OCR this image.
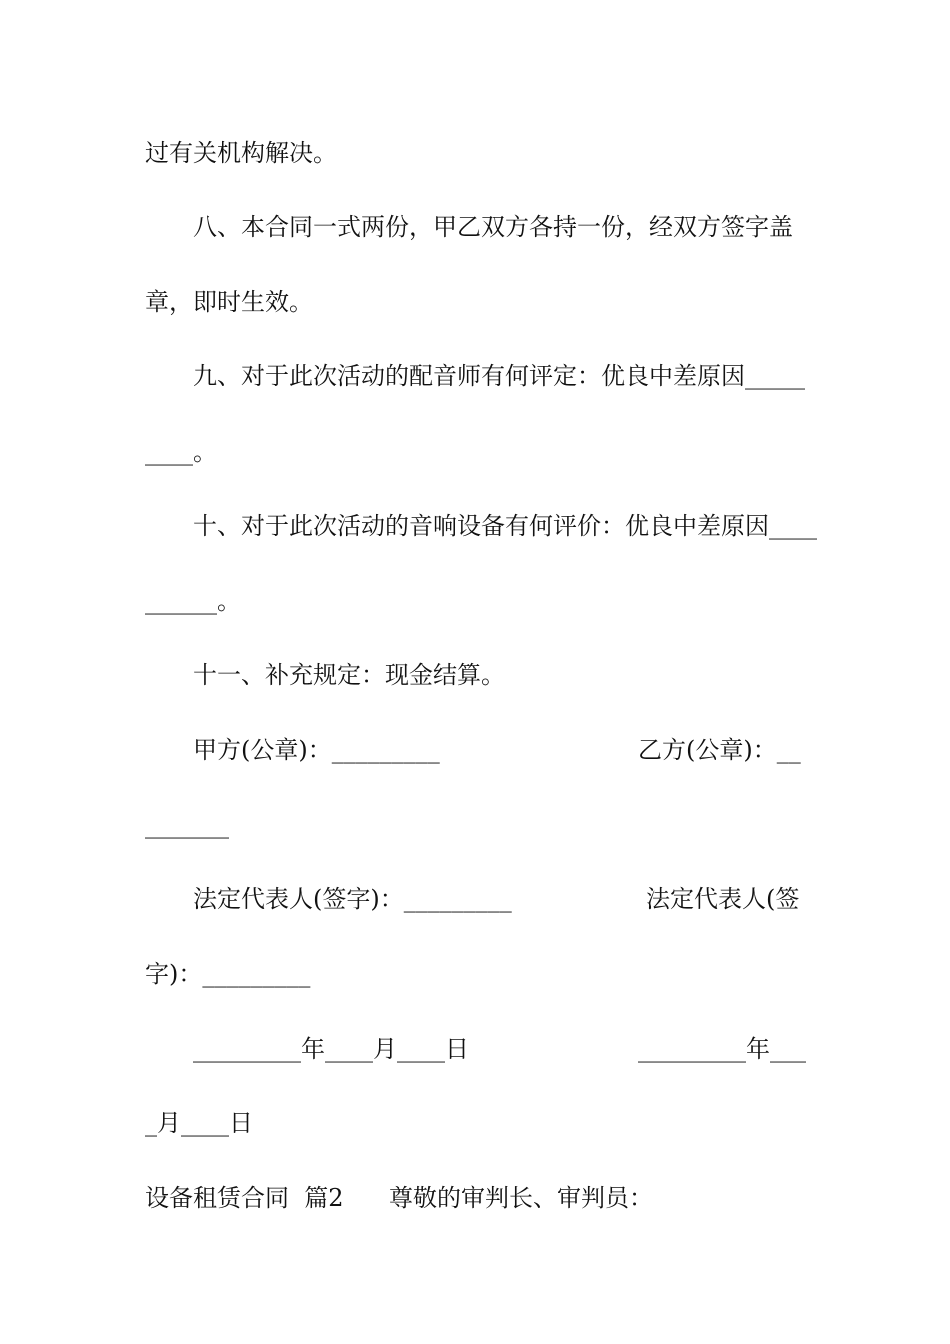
过有关机构解决。
八、本合同一式两份，甲乙双方各持一份，经双方签字盖
章，即时生效。
九、对于此次活动的配音师有何评定：优良中差原因_____
____。
十、对于此次活动的音响设备有何评价：优良中差原因____
______。
十一、补充规定：现金结算。
甲方(公章)：_________	乙方(公章)：__
_______
法定代表人(签字)：_________	法定代表人(签
字)：_________
_________年____月____日	_________年___
_月____日
设备租赁合同  篇2 尊敬的审判长、审判员：
